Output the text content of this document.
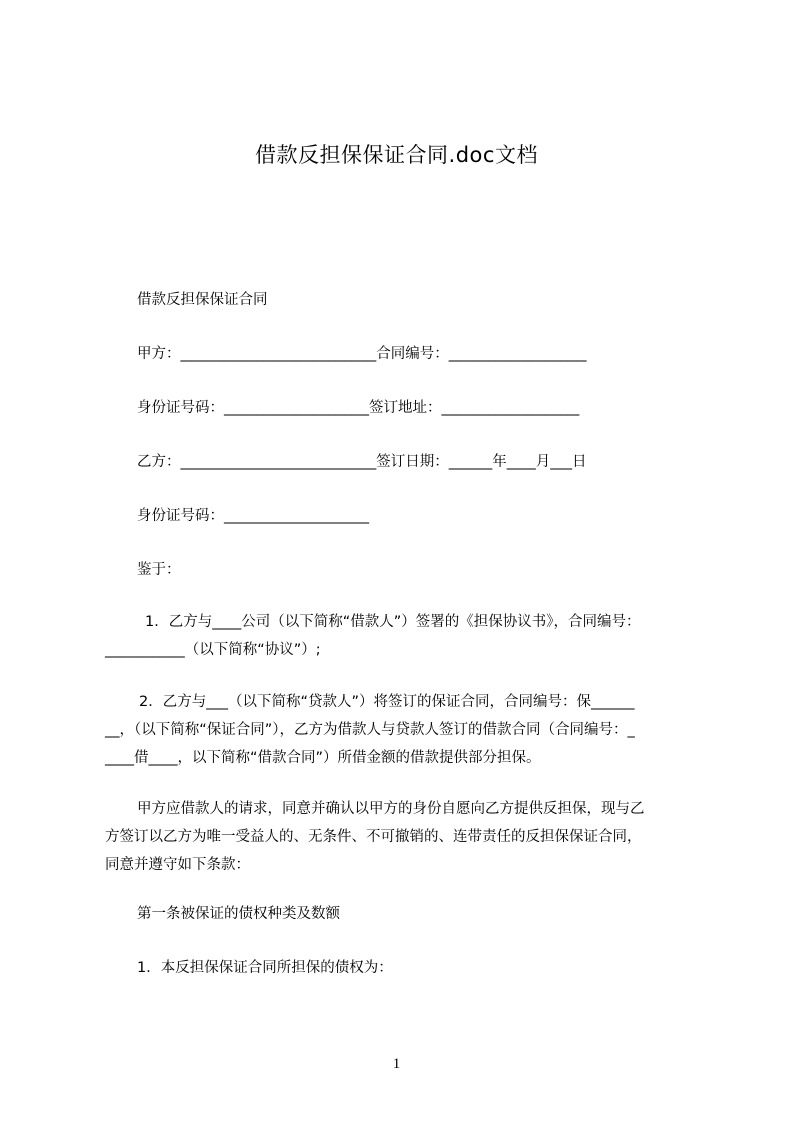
借款反担保保证合同.doc文档
借款反担保保证合同
甲方：___________________________合同编号：___________________
身份证号码：____________________签订地址：___________________
乙方：___________________________签订日期：______年____月___日
身份证号码：____________________
鉴于：
1．乙方与____公司（以下简称“借款人”）签署的《担保协议书》，合同编号：
___________（以下简称“协议”）;
2．乙方与___（以下简称“贷款人”）将签订的保证合同，合同编号：保______
__，（以下简称“保证合同”），乙方为借款人与贷款人签订的借款合同（合同编号：_
____借____，以下简称“借款合同”）所借金额的借款提供部分担保。
甲方应借款人的请求，同意并确认以甲方的身份自愿向乙方提供反担保，现与乙
方签订以乙方为唯一受益人的、无条件、不可撤销的、连带责任的反担保保证合同，
同意并遵守如下条款：
第一条被保证的债权种类及数额
1．本反担保保证合同所担保的债权为：
1
